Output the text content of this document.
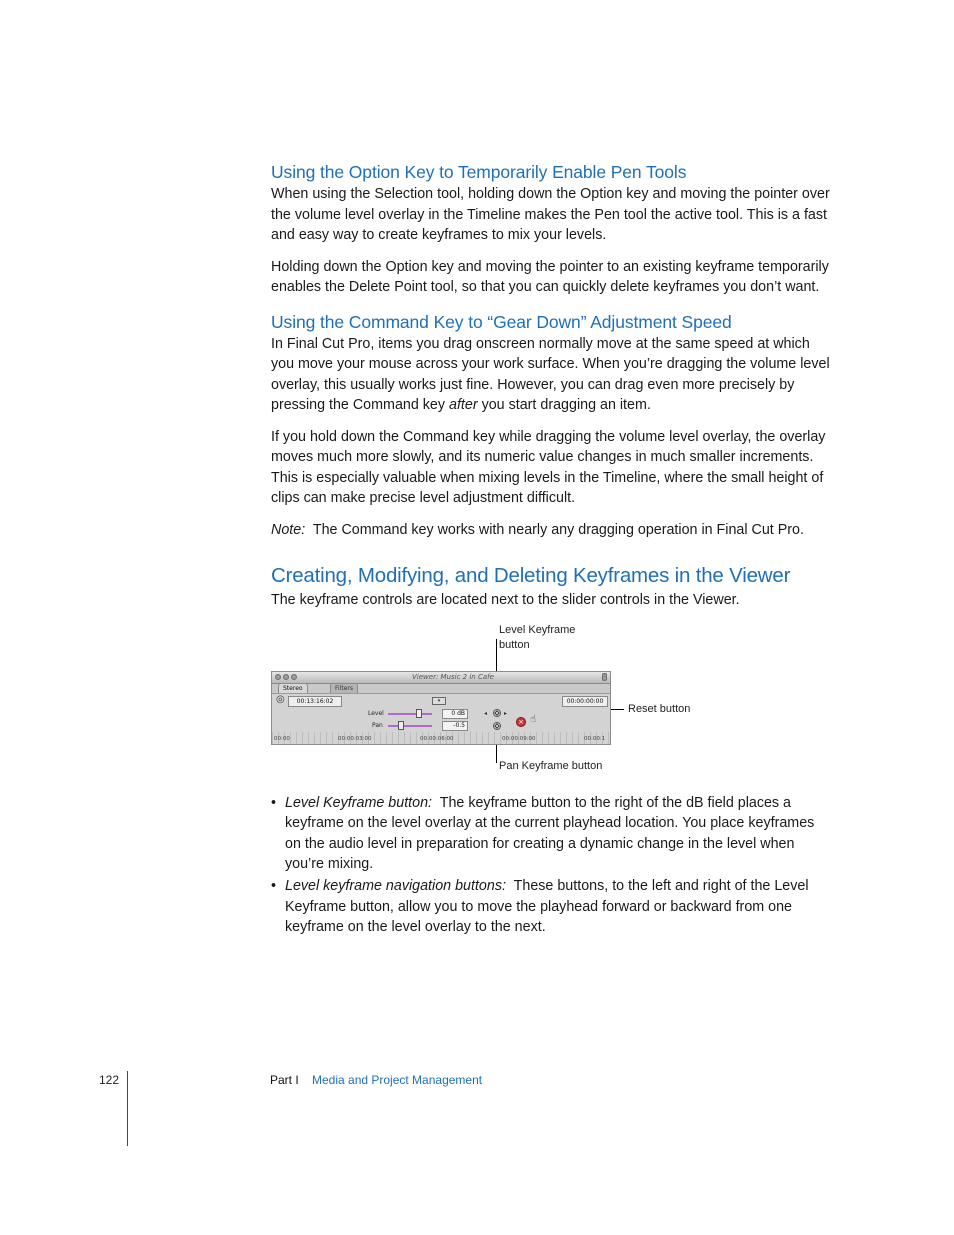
Using the Option Key to Temporarily Enable Pen Tools

When using the Selection tool, holding down the Option key and moving the pointer over the volume level overlay in the Timeline makes the Pen tool the active tool. This is a fast and easy way to create keyframes to mix your levels.

Holding down the Option key and moving the pointer to an existing keyframe temporarily enables the Delete Point tool, so that you can quickly delete keyframes you don’t want.

Using the Command Key to “Gear Down” Adjustment Speed

In Final Cut Pro, items you drag onscreen normally move at the same speed at which you move your mouse across your work surface. When you’re dragging the volume level overlay, this usually works just fine. However, you can drag even more precisely by pressing the Command key after you start dragging an item.

If you hold down the Command key while dragging the volume level overlay, the overlay moves much more slowly, and its numeric value changes in much smaller increments. This is especially valuable when mixing levels in the Timeline, where the small height of clips can make precise level adjustment difficult.

Note: The Command key works with nearly any dragging operation in Final Cut Pro.

Creating, Modifying, and Deleting Keyframes in the Viewer

The keyframe controls are located next to the slider controls in the Viewer.

Level Keyframe
button
Reset button
Pan Keyframe button
Viewer: Music 2 in Cafe
Stereo	Filters
◎	00:13:16:02	▾	00:00:00:00
Level	0 dB	◂	▸
Pan	-0.5	× ☝
00:00	00:00:03:00	00:00:06:00	00:00:09:00	00:00:1
• Level Keyframe button: The keyframe button to the right of the dB field places a keyframe on the level overlay at the current playhead location. You place keyframes on the audio level in preparation for creating a dynamic change in the level when you’re mixing.
• Level keyframe navigation buttons: These buttons, to the left and right of the Level Keyframe button, allow you to move the playhead forward or backward from one keyframe on the level overlay to the next.
122	Part I Media and Project Management
